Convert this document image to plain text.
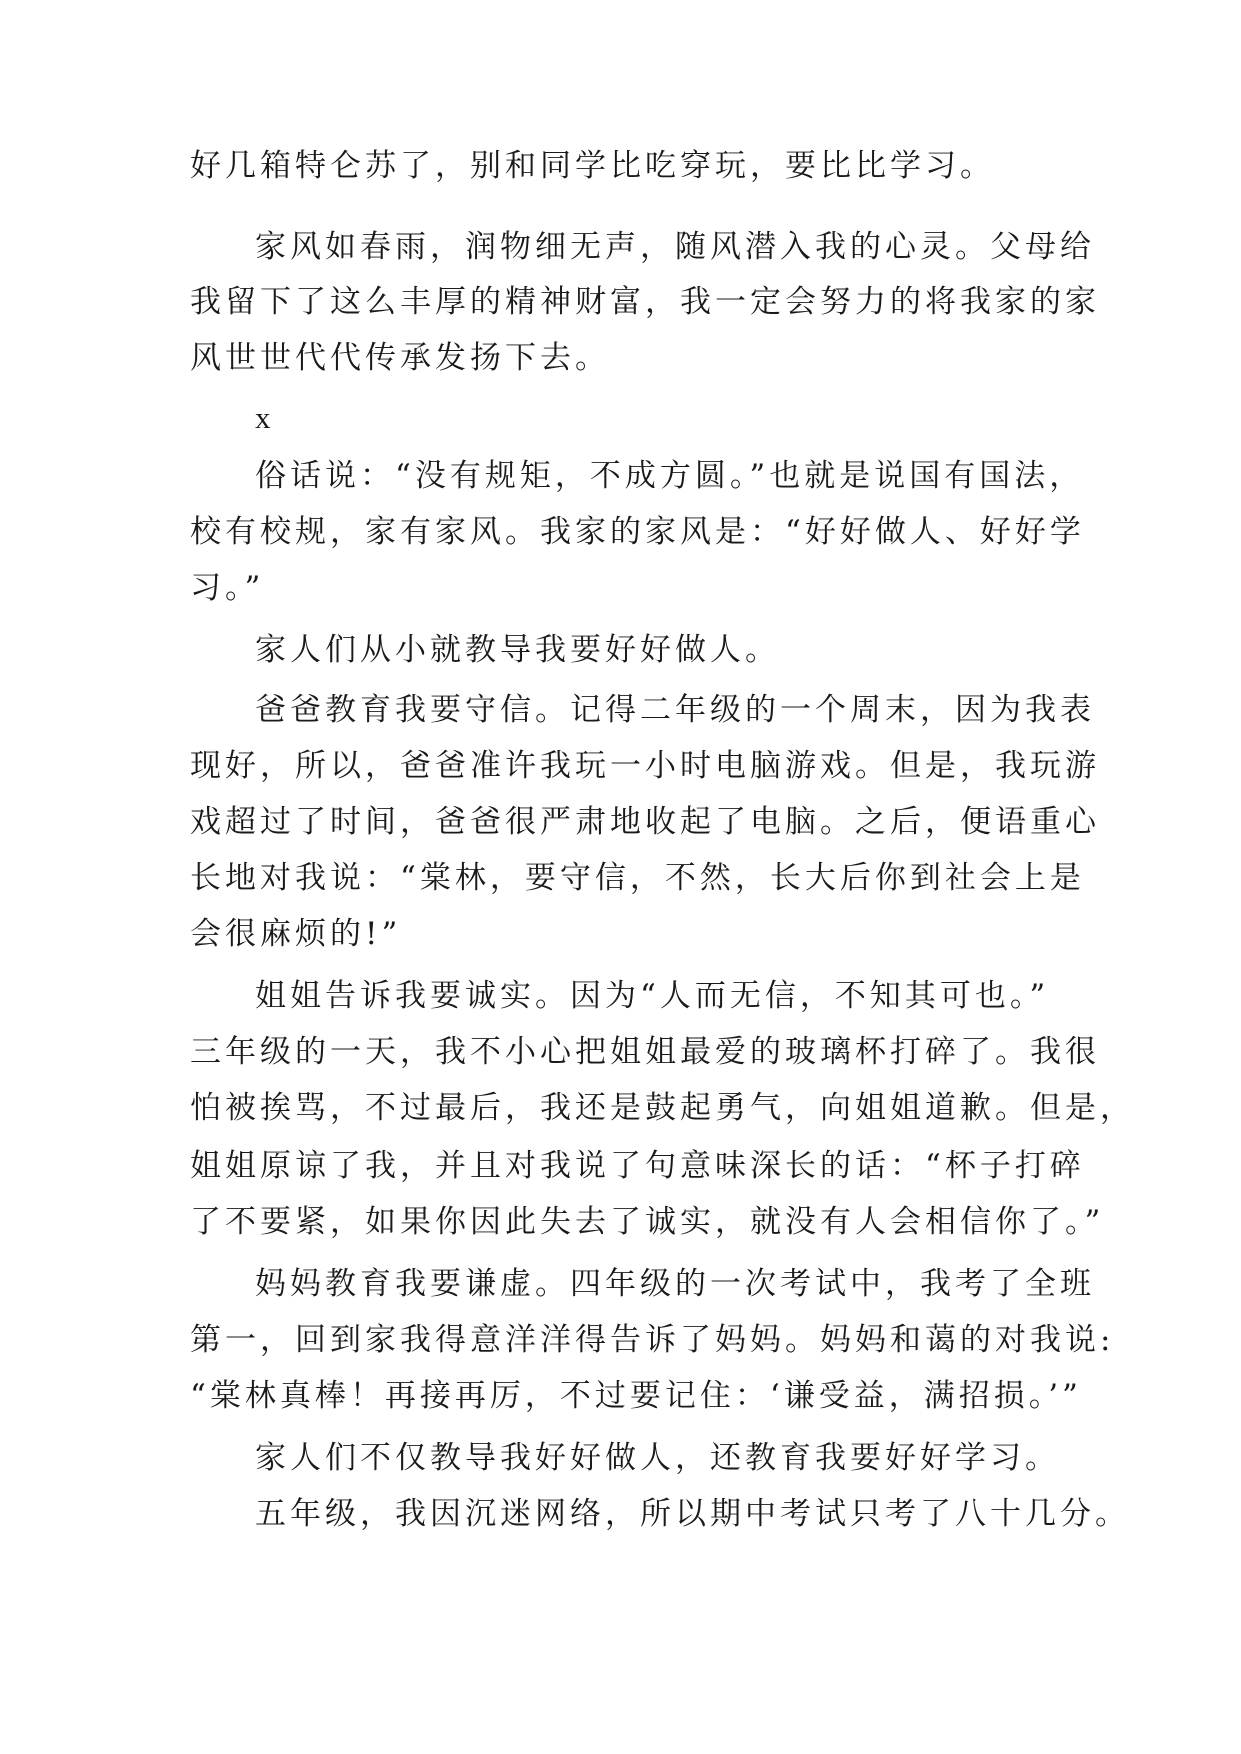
好几箱特仑苏了，别和同学比吃穿玩，要比比学习。

家风如春雨，润物细无声，随风潜入我的心灵。父母给

我留下了这么丰厚的精神财富，我一定会努力的将我家的家

风世世代代传承发扬下去。

x

俗话说：“没有规矩，不成方圆。”也就是说国有国法，

校有校规，家有家风。我家的家风是：“好好做人、好好学

习。”

家人们从小就教导我要好好做人。

爸爸教育我要守信。记得二年级的一个周末，因为我表

现好，所以，爸爸准许我玩一小时电脑游戏。但是，我玩游

戏超过了时间，爸爸很严肃地收起了电脑。之后，便语重心

长地对我说：“棠林，要守信，不然，长大后你到社会上是

会很麻烦的!”

姐姐告诉我要诚实。因为“人而无信，不知其可也。”

三年级的一天，我不小心把姐姐最爱的玻璃杯打碎了。我很

怕被挨骂，不过最后，我还是鼓起勇气，向姐姐道歉。但是，

姐姐原谅了我，并且对我说了句意味深长的话：“杯子打碎

了不要紧，如果你因此失去了诚实，就没有人会相信你了。”

妈妈教育我要谦虚。四年级的一次考试中，我考了全班

第一，回到家我得意洋洋得告诉了妈妈。妈妈和蔼的对我说:

“棠林真棒！再接再厉，不过要记住：‘谦受益，满招损。’”

家人们不仅教导我好好做人，还教育我要好好学习。

五年级，我因沉迷网络，所以期中考试只考了八十几分。
